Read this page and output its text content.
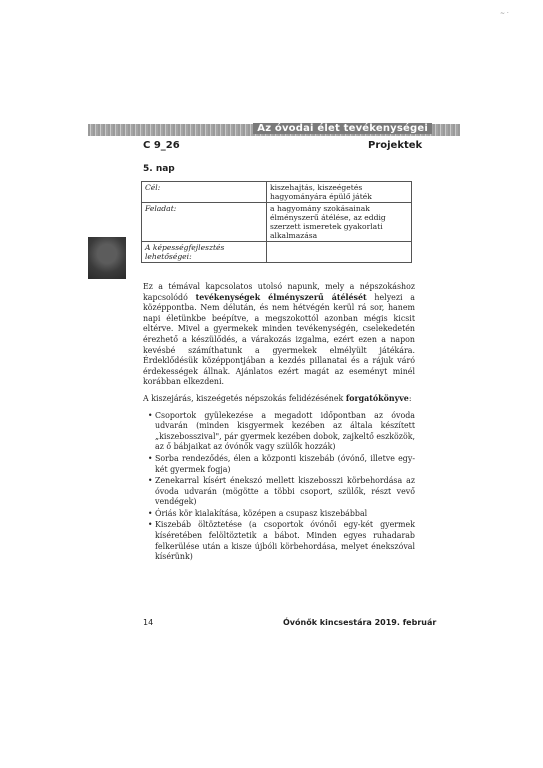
~ ·
Az óvodai élet tevékenységei
C 9_26	Projektek
5. nap
Cél:	kiszehajtás, kiszeégetés hagyományára épülő játék
Feladat:	a hagyomány szokásainak élményszerű átélése, az eddig szerzett ismeretek gyakorlati alkalmazása
A képességfejlesztés lehetőségei:	

Ez a témával kapcsolatos utolsó napunk, mely a népszokáshoz kapcsolódó tevékenységek élményszerű átélését helyezi a középpontba. Nem délután, és nem hétvégén kerül rá sor, hanem napi életünkbe beépítve, a megszokottól azonban mégis kicsit eltérve. Mivel a gyermekek minden tevékenységén, cselekedetén érezhető a készülődés, a várakozás izgalma, ezért ezen a napon kevésbé számíthatunk a gyermekek elmélyült játékára. Érdeklődésük középpontjában a kezdés pillanatai és a rájuk váró érdekességek állnak. Ajánlatos ezért magát az eseményt minél korábban elkezdeni.

A kiszejárás, kiszeégetés népszokás felidézésének forgatókönyve:

• Csoportok gyülekezése a megadott időpontban az óvoda udvarán (minden kisgyermek kezében az általa készített „kiszebosszival", pár gyermek kezében dobok, zajkeltő eszközök, az ő bábjaikat az óvónők vagy szülők hozzák)
• Sorba rendeződés, élen a központi kiszebáb (óvónő, illetve egy-két gyermek fogja)
• Zenekarral kísért énekszó mellett kiszebosszi körbehordása az óvoda udvarán (mögötte a többi csoport, szülők, részt vevő vendégek)
• Óriás kör kialakítása, középen a csupasz kiszebábbal
• Kiszebáb öltöztetése (a csoportok óvónői egy-két gyermek kíséretében felöltöztetik a bábot. Minden egyes ruhadarab felkerülése után a kisze újbóli körbehordása, melyet énekszóval kísérünk)
14	Óvónők kincsestára 2019. február
